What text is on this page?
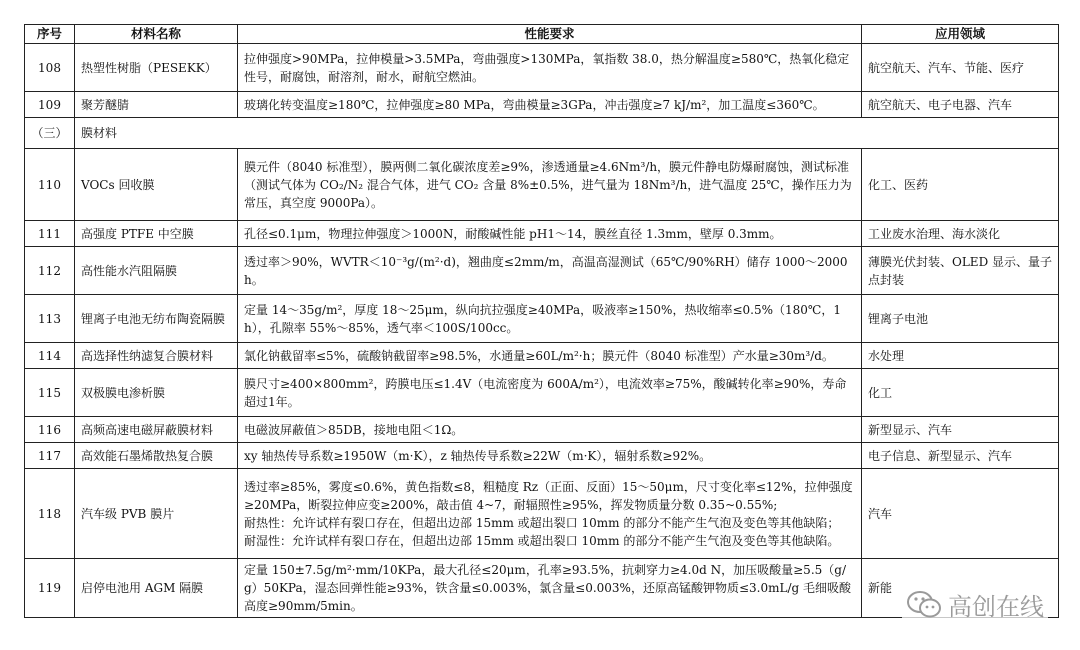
序号	材料名称	性能要求	应用领域
108	热塑性树脂（PESEKK）	拉伸强度>90MPa，拉伸模量>3.5MPa，弯曲强度>130MPa，氧指数 38.0，热分解温度≥580℃，热氧化稳定性号，耐腐蚀，耐溶剂，耐水，耐航空燃油。	航空航天、汽车、节能、医疗
109	聚芳醚腈	玻璃化转变温度≥180℃，拉伸强度≥80 MPa，弯曲模量≥3GPa，冲击强度≥7 kJ/m²，加工温度≤360℃。	航空航天、电子电器、汽车
（三）	膜材料		
110	VOCs 回收膜	膜元件（8040 标准型），膜两侧二氧化碳浓度差≥9%，渗透通量≥4.6Nm³/h，膜元件静电防爆耐腐蚀，测试标准（测试气体为 CO₂/N₂ 混合气体，进气 CO₂ 含量 8%±0.5%，进气量为 18Nm³/h，进气温度 25℃，操作压力为常压，真空度 9000Pa）。	化工、医药
111	高强度 PTFE 中空膜	孔径≤0.1μm，物理拉伸强度＞1000N，耐酸碱性能 pH1～14，膜丝直径 1.3mm，壁厚 0.3mm。	工业废水治理、海水淡化
112	高性能水汽阻隔膜	透过率＞90%，WVTR＜10⁻³g/(m²·d)，翘曲度≤2mm/m，高温高湿测试（65℃/90%RH）储存 1000～2000h。	薄膜光伏封装、OLED 显示、量子点封装
113	锂离子电池无纺布陶瓷隔膜	定量 14～35g/m²，厚度 18～25μm，纵向抗拉强度≥40MPa，吸液率≥150%，热收缩率≤0.5%（180℃，1h），孔隙率 55%～85%，透气率＜100S/100cc。	锂离子电池
114	高选择性纳滤复合膜材料	氯化钠截留率≤5%，硫酸钠截留率≥98.5%，水通量≥60L/m²·h；膜元件（8040 标准型）产水量≥30m³/d。	水处理
115	双极膜电渗析膜	膜尺寸≥400×800mm²，跨膜电压≤1.4V（电流密度为 600A/m²），电流效率≥75%，酸碱转化率≥90%，寿命超过1年。	化工
116	高频高速电磁屏蔽膜材料	电磁波屏蔽值＞85DB，接地电阻＜1Ω。	新型显示、汽车
117	高效能石墨烯散热复合膜	xy 轴热传导系数≥1950W（m·K），z 轴热传导系数≥22W（m·K），辐射系数≥92%。	电子信息、新型显示、汽车
118	汽车级 PVB 膜片	透过率≥85%，雾度≤0.6%，黄色指数≤8，粗糙度 Rz（正面、反面）15～50μm，尺寸变化率≤12%，拉伸强度≥20MPa，断裂拉伸应变≥200%，敲击值 4~7，耐辐照性≥95%，挥发物质量分数 0.35~0.55%;
耐热性：允许试样有裂口存在，但超出边部 15mm 或超出裂口 10mm 的部分不能产生气泡及变色等其他缺陷；
耐湿性：允许试样有裂口存在，但超出边部 15mm 或超出裂口 10mm 的部分不能产生气泡及变色等其他缺陷。	汽车
119	启停电池用 AGM 隔膜	定量 150±7.5g/m²·mm/10KPa，最大孔径≤20μm，孔率≥93.5%，抗刺穿力≥4.0d N，加压吸酸量≥5.5（g/g）50KPa，湿态回弹性能≥93%，铁含量≤0.003%，氯含量≤0.003%，还原高锰酸钾物质≤3.0mL/g 毛细吸酸高度≥90mm/5min。	新能
高创在线
